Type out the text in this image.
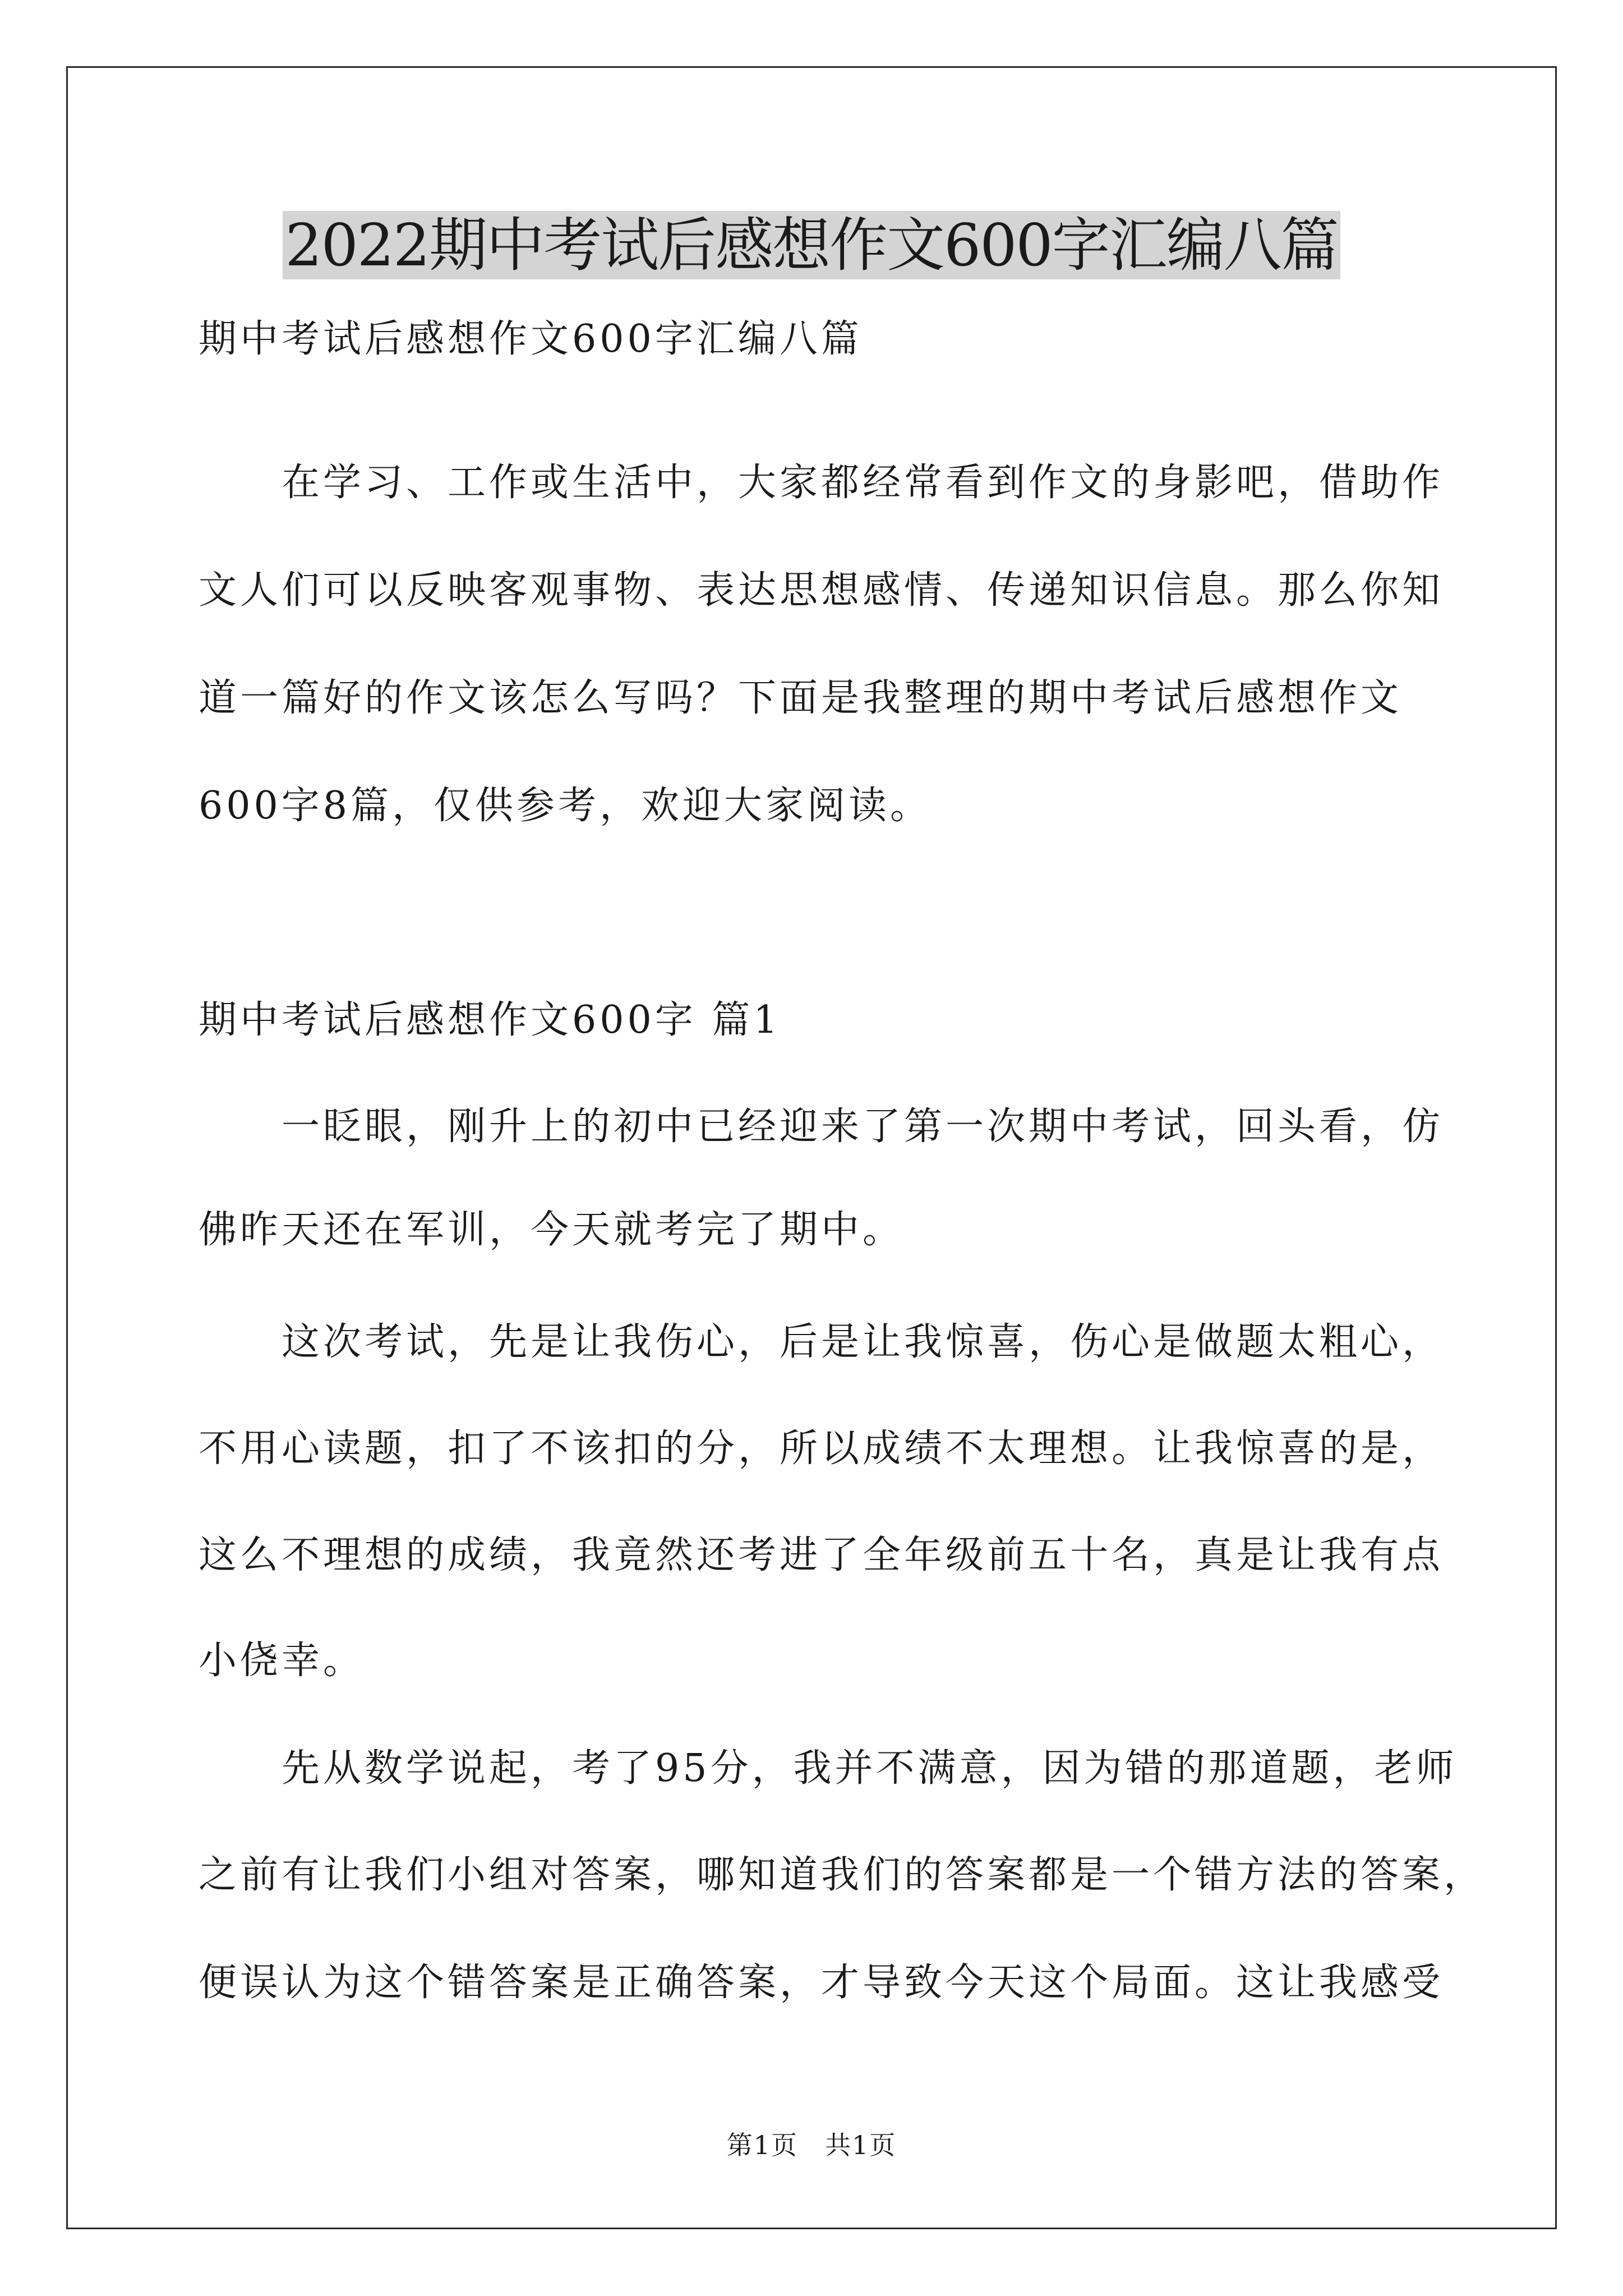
2022期中考试后感想作文600字汇编八篇
期中考试后感想作文600字汇编八篇
　　在学习、工作或生活中，大家都经常看到作文的身影吧，借助作
文人们可以反映客观事物、表达思想感情、传递知识信息。那么你知
道一篇好的作文该怎么写吗？下面是我整理的期中考试后感想作文
600字8篇，仅供参考，欢迎大家阅读。
期中考试后感想作文600字 篇1
　　一眨眼，刚升上的初中已经迎来了第一次期中考试，回头看，仿
佛昨天还在军训，今天就考完了期中。
　　这次考试，先是让我伤心，后是让我惊喜，伤心是做题太粗心，
不用心读题，扣了不该扣的分，所以成绩不太理想。让我惊喜的是，
这么不理想的成绩，我竟然还考进了全年级前五十名，真是让我有点
小侥幸。
　　先从数学说起，考了95分，我并不满意，因为错的那道题，老师
之前有让我们小组对答案，哪知道我们的答案都是一个错方法的答案，
便误认为这个错答案是正确答案，才导致今天这个局面。这让我感受
第1页　共1页
